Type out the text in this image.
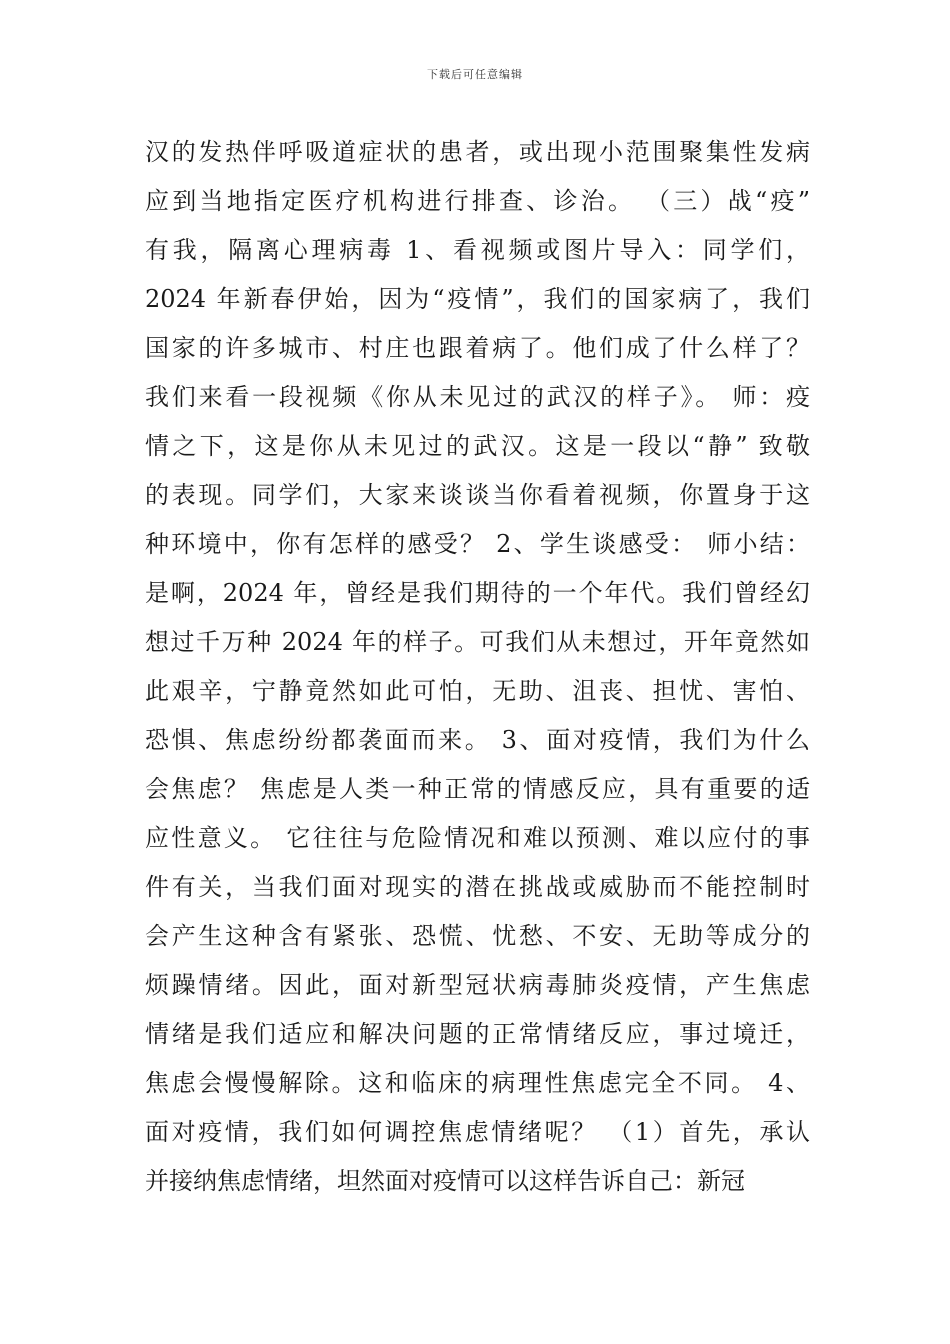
下载后可任意编辑
汉的发热伴呼吸道症状的患者，或出现小范围聚集性发病
应到当地指定医疗机构进行排查、诊治。 （三）战“疫”
有我，隔离心理病毒 1、看视频或图片导入：同学们，
2024 年新春伊始，因为“疫情”，我们的国家病了，我们
国家的许多城市、村庄也跟着病了。他们成了什么样了？
我们来看一段视频《你从未见过的武汉的样子》。 师：疫
情之下，这是你从未见过的武汉。这是一段以“静” 致敬
的表现。同学们，大家来谈谈当你看着视频，你置身于这
种环境中，你有怎样的感受？ 2、学生谈感受： 师小结：
是啊，2024 年，曾经是我们期待的一个年代。我们曾经幻
想过千万种 2024 年的样子。可我们从未想过，开年竟然如
此艰辛，宁静竟然如此可怕，无助、沮丧、担忧、害怕、
恐惧、焦虑纷纷都袭面而来。 3、面对疫情，我们为什么
会焦虑？ 焦虑是人类一种正常的情感反应，具有重要的适
应性意义。 它往往与危险情况和难以预测、难以应付的事
件有关，当我们面对现实的潜在挑战或威胁而不能控制时
会产生这种含有紧张、恐慌、忧愁、不安、无助等成分的
烦躁情绪。因此，面对新型冠状病毒肺炎疫情，产生焦虑
情绪是我们适应和解决问题的正常情绪反应，事过境迁，
焦虑会慢慢解除。这和临床的病理性焦虑完全不同。 4、
面对疫情，我们如何调控焦虑情绪呢？ （1）首先，承认
并接纳焦虑情绪，坦然面对疫情可以这样告诉自己：新冠
